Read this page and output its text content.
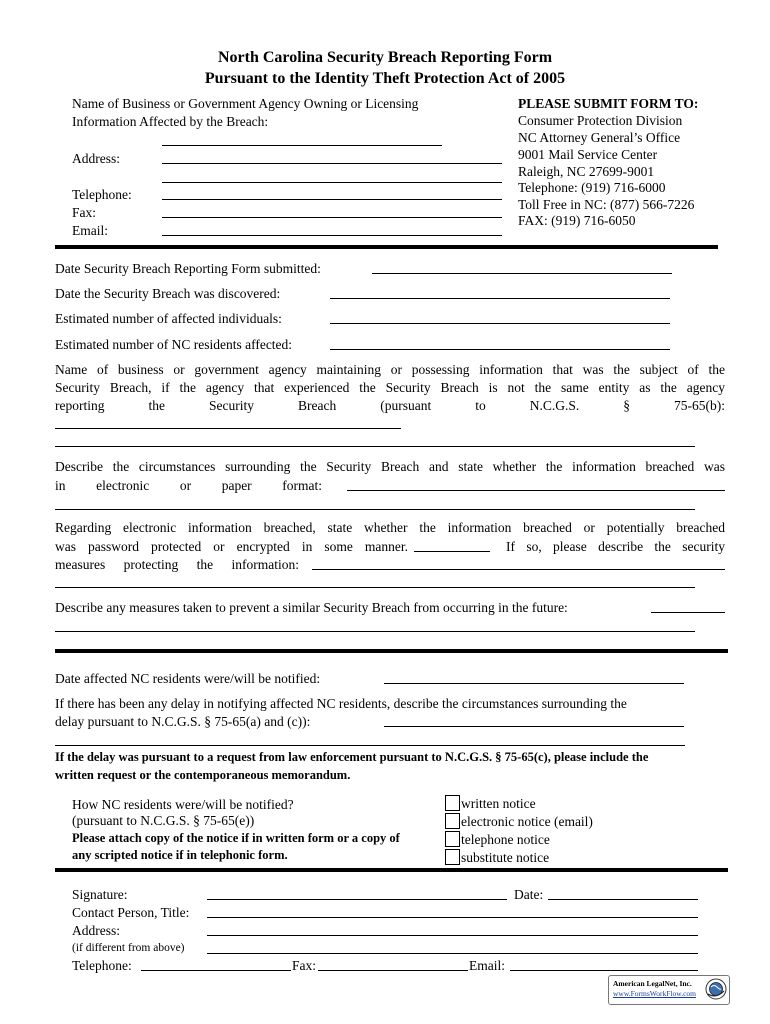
North Carolina Security Breach Reporting Form
Pursuant to the Identity Theft Protection Act of 2005
Name of Business or Government Agency Owning or Licensing
Information Affected by the Breach:
Address:
Telephone:
Fax:
Email:
PLEASE SUBMIT FORM TO:
Consumer Protection Division
NC Attorney General’s Office
9001 Mail Service Center
Raleigh, NC 27699-9001
Telephone: (919) 716-6000
Toll Free in NC: (877) 566-7226
FAX: (919) 716-6050
Date Security Breach Reporting Form submitted:
Date the Security Breach was discovered:
Estimated number of affected individuals:
Estimated number of NC residents affected:
Name of business or government agency maintaining or possessing information that was the subject of the
Security Breach, if the agency that experienced the Security Breach is not the same entity as the agency
reporting the Security Breach (pursuant to N.C.G.S. § 75-65(b):
Describe the circumstances surrounding the Security Breach and state whether the information breached was
in electronic or paper format:
Regarding electronic information breached, state whether the information breached or potentially breached
was password protected or encrypted in some manner.	If so, please describe the security
measures protecting the information:
Describe any measures taken to prevent a similar Security Breach from occurring in the future:
Date affected NC residents were/will be notified:
If there has been any delay in notifying affected NC residents, describe the circumstances surrounding the
delay pursuant to N.C.G.S. § 75-65(a) and (c)):
If the delay was pursuant to a request from law enforcement pursuant to N.C.G.S. § 75-65(c), please include the
written request or the contemporaneous memorandum.
How NC residents were/will be notified?
(pursuant to N.C.G.S. § 75-65(e))
Please attach copy of the notice if in written form or a copy of
any scripted notice if in telephonic form.
written notice
electronic notice (email)
telephone notice
substitute notice
Signature:	Date:
Contact Person, Title:
Address:
(if different from above)
Telephone:	Fax:	Email:
American LegalNet, Inc.
www.FormsWorkFlow.com
